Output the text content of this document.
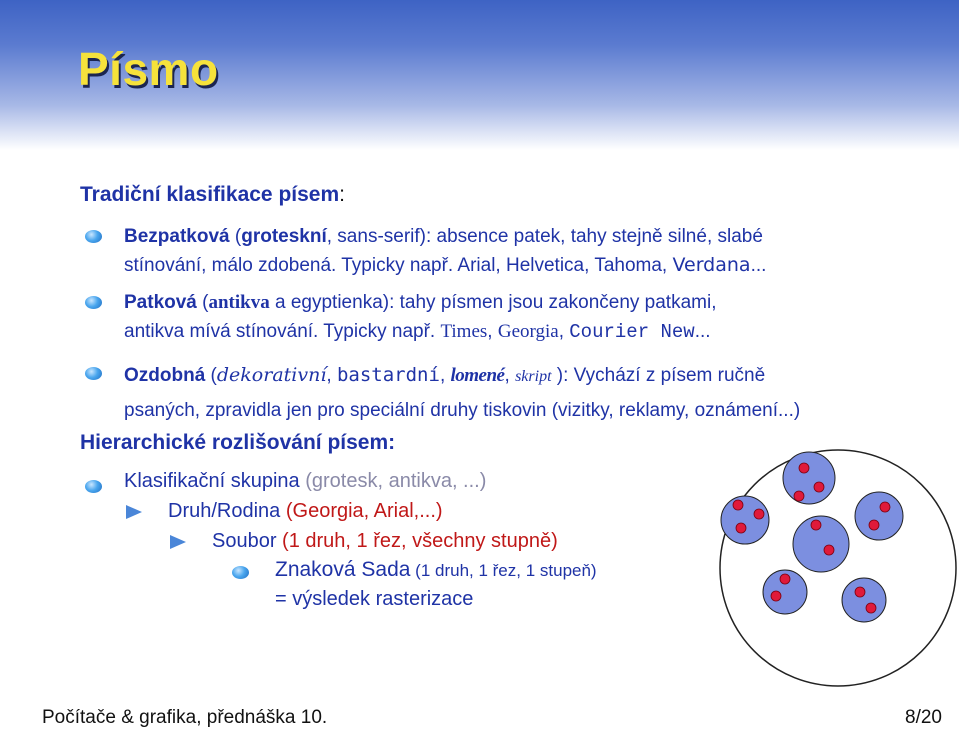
Písmo
Tradiční klasifikace písem:
Bezpatková (groteskní, sans-serif): absence patek, tahy stejně silné, slabé
stínování, málo zdobená. Typicky např. Arial, Helvetica, Tahoma, Verdana...
Patková (antikva a egyptienka): tahy písmen jsou zakončeny patkami,
antikva mívá stínování. Typicky např. Times, Georgia, Courier New...
Ozdobná (dekorativní, bastardní, lomené, skript ): Vychází z písem ručně
psaných, zpravidla jen pro speciální druhy tiskovin (vizitky, reklamy, oznámení...)
Hierarchické rozlišování písem:
Klasifikační skupina (grotesk, antikva, ...)
Druh/Rodina (Georgia, Arial,...)
Soubor (1 druh, 1 řez, všechny stupně)
Znaková Sada (1 druh, 1 řez, 1 stupeň)
= výsledek rasterizace
Počítače & grafika, přednáška 10.	8/20
